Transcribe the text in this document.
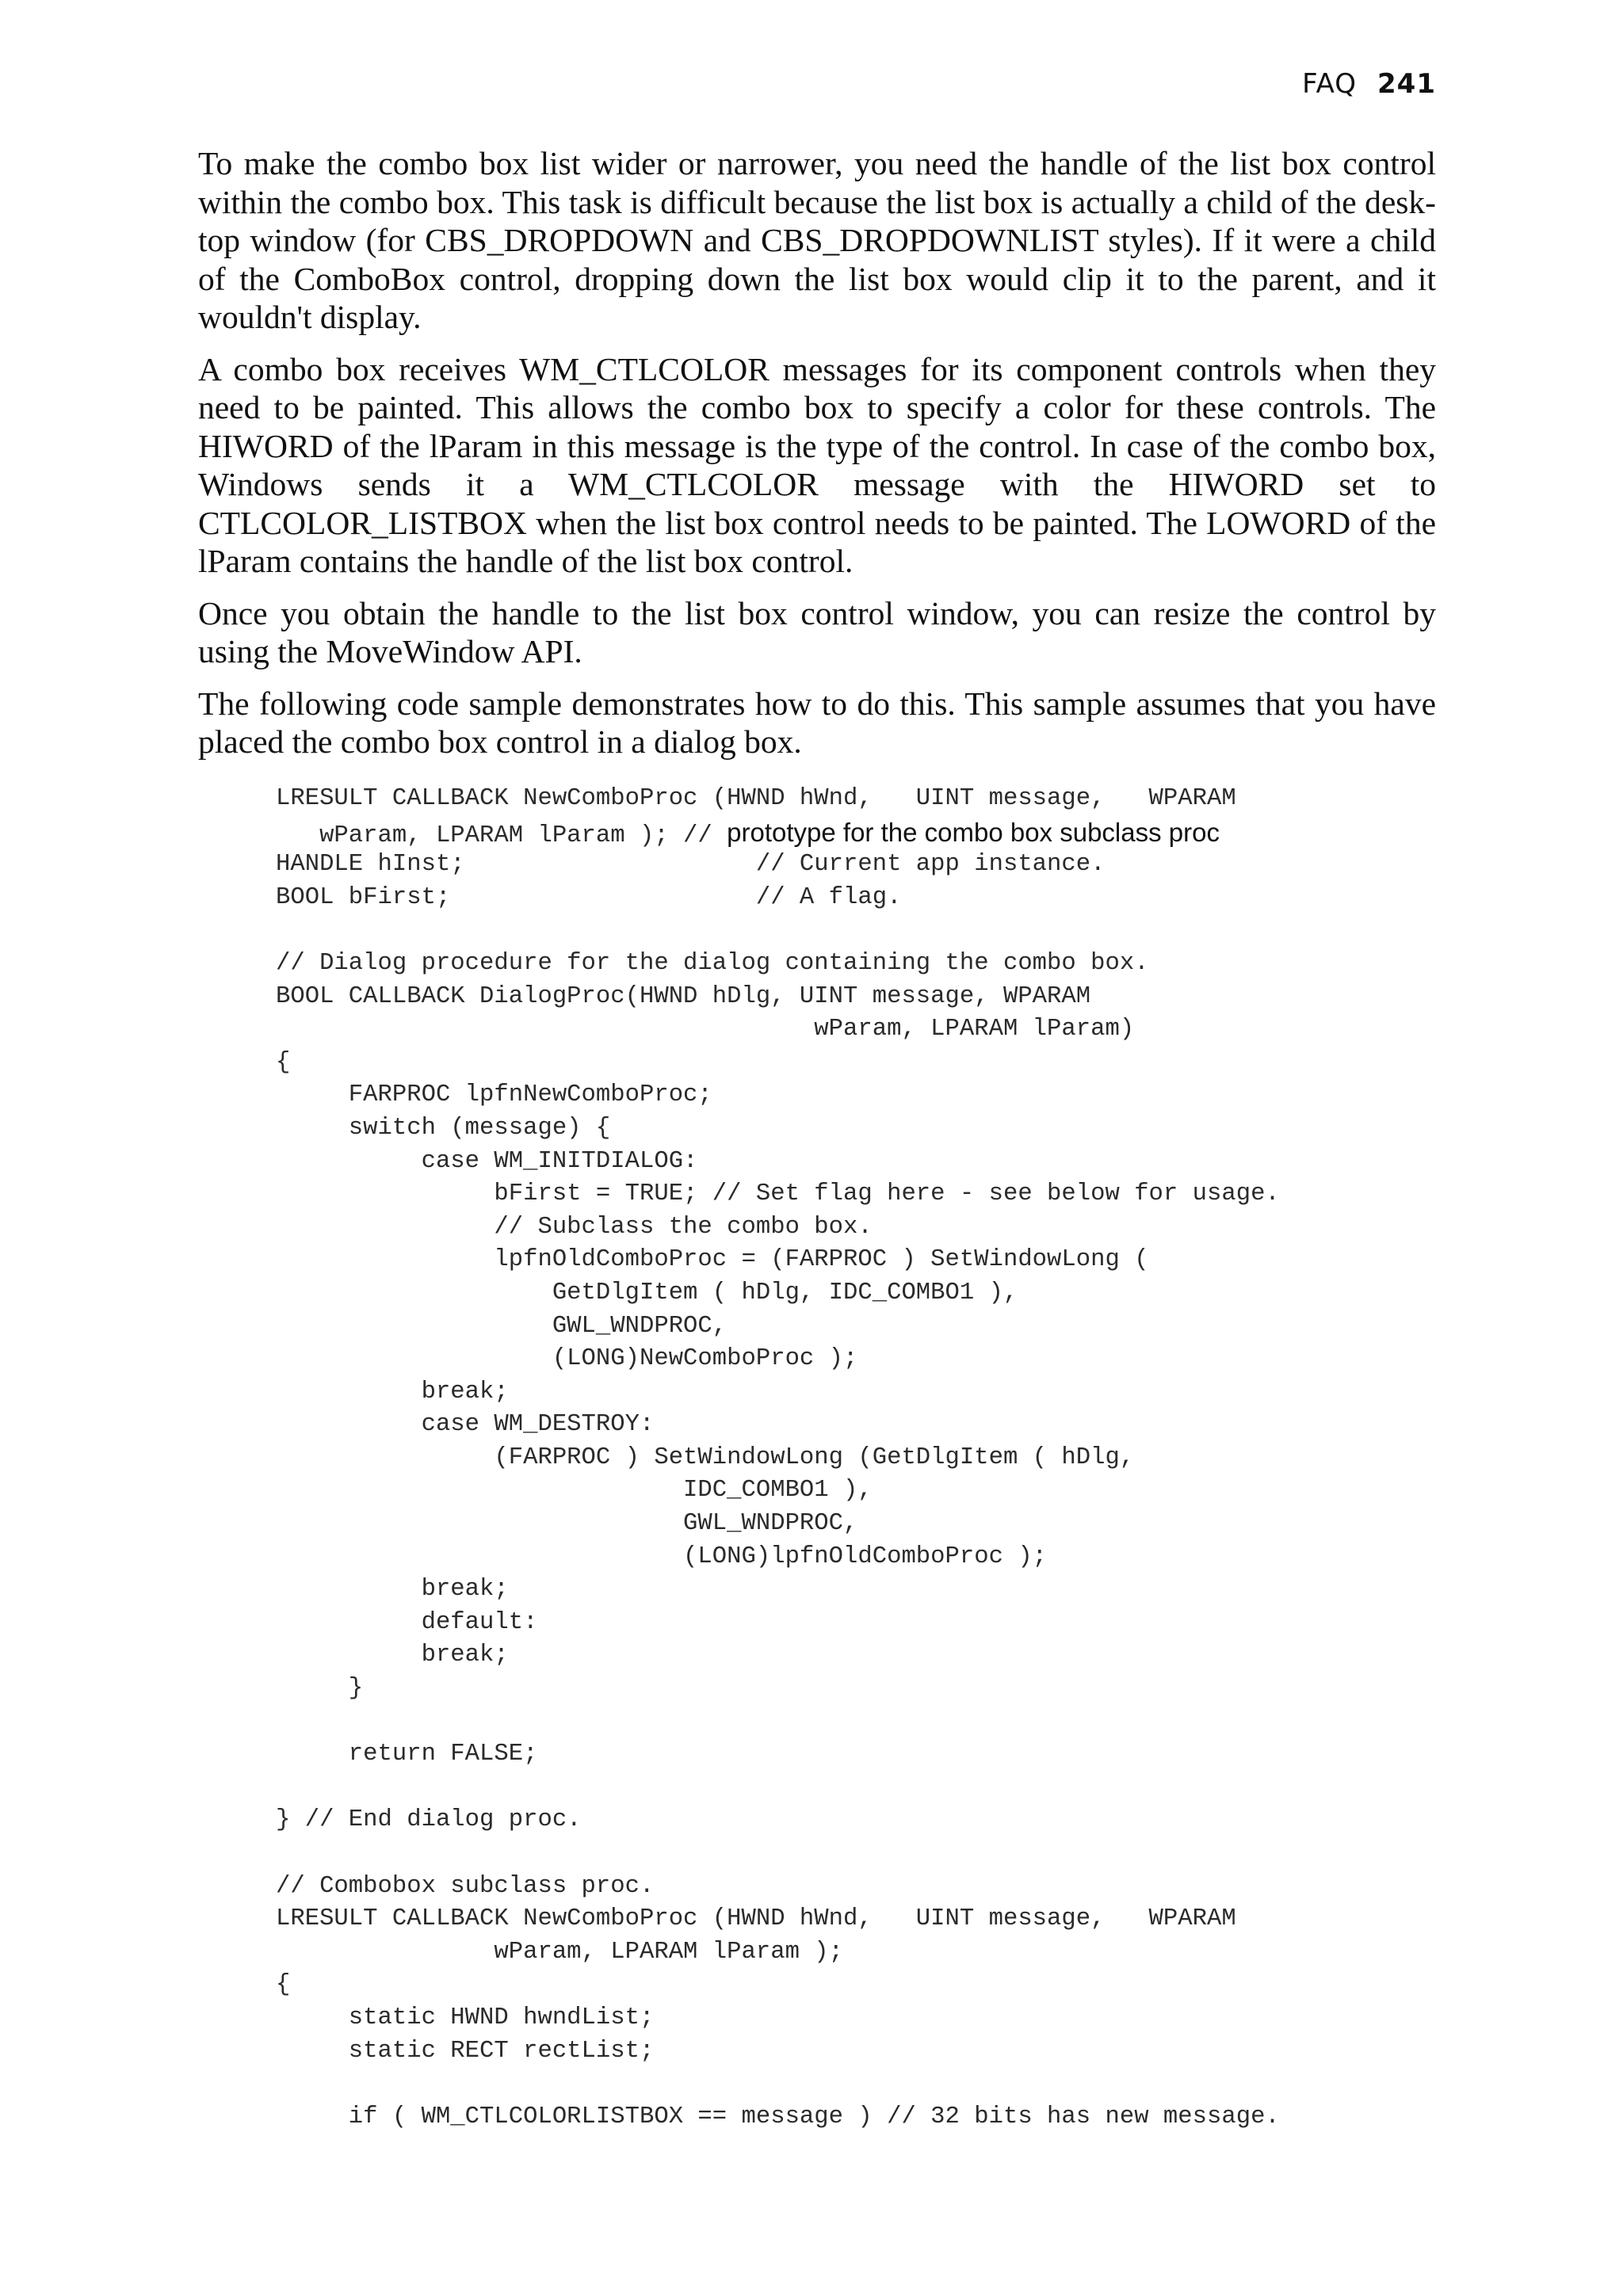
FAQ 241

To make the combo box list wider or narrower, you need the handle of the list box control within the combo box. This task is difficult because the list box is actually a child of the desktop window (for CBS_DROPDOWN and CBS_DROPDOWNLIST styles). If it were a child of the ComboBox control, dropping down the list box would clip it to the parent, and it wouldn't display.

A combo box receives WM_CTLCOLOR messages for its component controls when they need to be painted. This allows the combo box to specify a color for these controls. The HIWORD of the lParam in this message is the type of the control. In case of the combo box, Windows sends it a WM_CTLCOLOR message with the HIWORD set to CTLCOLOR_LISTBOX when the list box control needs to be painted. The LOWORD of the lParam contains the handle of the list box control.

Once you obtain the handle to the list box control window, you can resize the control by using the MoveWindow API.

The following code sample demonstrates how to do this. This sample assumes that you have placed the combo box control in a dialog box.

LRESULT CALLBACK NewComboProc (HWND hWnd,   UINT message,   WPARAM
wParam, LPARAM lParam ); // prototype for the combo box subclass proc
HANDLE hInst;                    // Current app instance.
BOOL bFirst;                     // A flag.
// Dialog procedure for the dialog containing the combo box.
BOOL CALLBACK DialogProc(HWND hDlg, UINT message, WPARAM
wParam, LPARAM lParam)
{
FARPROC lpfnNewComboProc;
switch (message) {
case WM_INITDIALOG:
bFirst = TRUE; // Set flag here - see below for usage.
// Subclass the combo box.
lpfnOldComboProc = (FARPROC ) SetWindowLong (
GetDlgItem ( hDlg, IDC_COMBO1 ),
GWL_WNDPROC,
(LONG)NewComboProc );
break;
case WM_DESTROY:
(FARPROC ) SetWindowLong (GetDlgItem ( hDlg,
IDC_COMBO1 ),
GWL_WNDPROC,
(LONG)lpfnOldComboProc );
break;
default:
break;
}
return FALSE;
} // End dialog proc.
// Combobox subclass proc.
LRESULT CALLBACK NewComboProc (HWND hWnd,   UINT message,   WPARAM
wParam, LPARAM lParam );
{
static HWND hwndList;
static RECT rectList;
if ( WM_CTLCOLORLISTBOX == message ) // 32 bits has new message.
